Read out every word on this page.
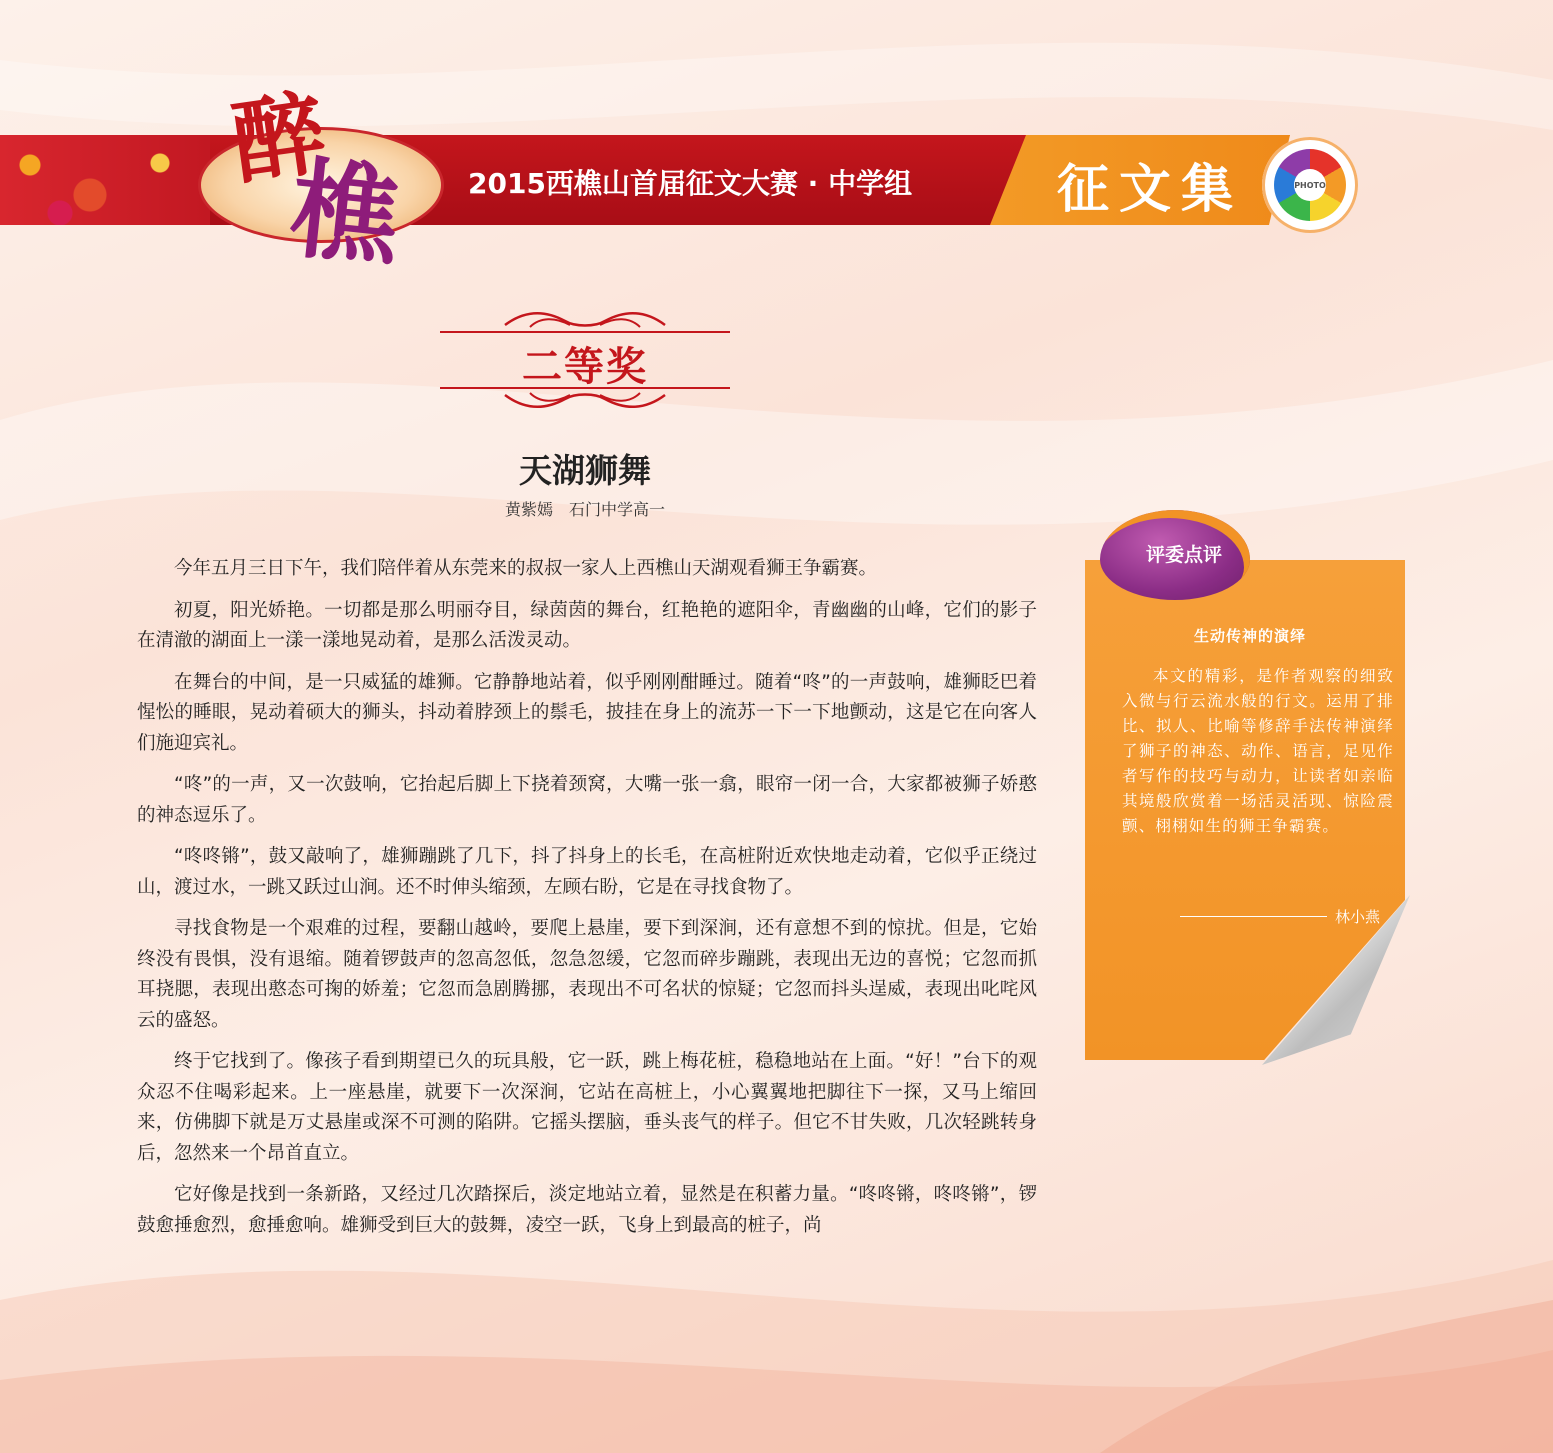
醉
樵 2015西樵山首届征文大赛 · 中学组	征文集	PHOTO
二等奖
天湖狮舞
黄紫嫣　石门中学高一

今年五月三日下午，我们陪伴着从东莞来的叔叔一家人上西樵山天湖观看狮王争霸赛。

初夏，阳光娇艳。一切都是那么明丽夺目，绿茵茵的舞台，红艳艳的遮阳伞，青幽幽的山峰，它们的影子在清澈的湖面上一漾一漾地晃动着，是那么活泼灵动。

在舞台的中间，是一只威猛的雄狮。它静静地站着，似乎刚刚酣睡过。随着“咚”的一声鼓响，雄狮眨巴着惺忪的睡眼，晃动着硕大的狮头，抖动着脖颈上的鬃毛，披挂在身上的流苏一下一下地颤动，这是它在向客人们施迎宾礼。

“咚”的一声，又一次鼓响，它抬起后脚上下挠着颈窝，大嘴一张一翕，眼帘一闭一合，大家都被狮子娇憨的神态逗乐了。

“咚咚锵”，鼓又敲响了，雄狮蹦跳了几下，抖了抖身上的长毛，在高桩附近欢快地走动着，它似乎正绕过山，渡过水，一跳又跃过山涧。还不时伸头缩颈，左顾右盼，它是在寻找食物了。

寻找食物是一个艰难的过程，要翻山越岭，要爬上悬崖，要下到深涧，还有意想不到的惊扰。但是，它始终没有畏惧，没有退缩。随着锣鼓声的忽高忽低，忽急忽缓，它忽而碎步蹦跳，表现出无边的喜悦；它忽而抓耳挠腮，表现出憨态可掬的娇羞；它忽而急剧腾挪，表现出不可名状的惊疑；它忽而抖头逞威，表现出叱咤风云的盛怒。

终于它找到了。像孩子看到期望已久的玩具般，它一跃，跳上梅花桩，稳稳地站在上面。“好！”台下的观众忍不住喝彩起来。上一座悬崖，就要下一次深涧，它站在高桩上，小心翼翼地把脚往下一探，又马上缩回来，仿佛脚下就是万丈悬崖或深不可测的陷阱。它摇头摆脑，垂头丧气的样子。但它不甘失败，几次轻跳转身后，忽然来一个昂首直立。

它好像是找到一条新路，又经过几次踏探后，淡定地站立着，显然是在积蓄力量。“咚咚锵，咚咚锵”，锣鼓愈捶愈烈，愈捶愈响。雄狮受到巨大的鼓舞，凌空一跃，飞身上到最高的桩子，尚

评委点评
生动传神的演绎
本文的精彩，是作者观察的细致入微与行云流水般的行文。运用了排比、拟人、比喻等修辞手法传神演绎了狮子的神态、动作、语言，足见作者写作的技巧与动力，让读者如亲临其境般欣赏着一场活灵活现、惊险震颤、栩栩如生的狮王争霸赛。
林小燕
